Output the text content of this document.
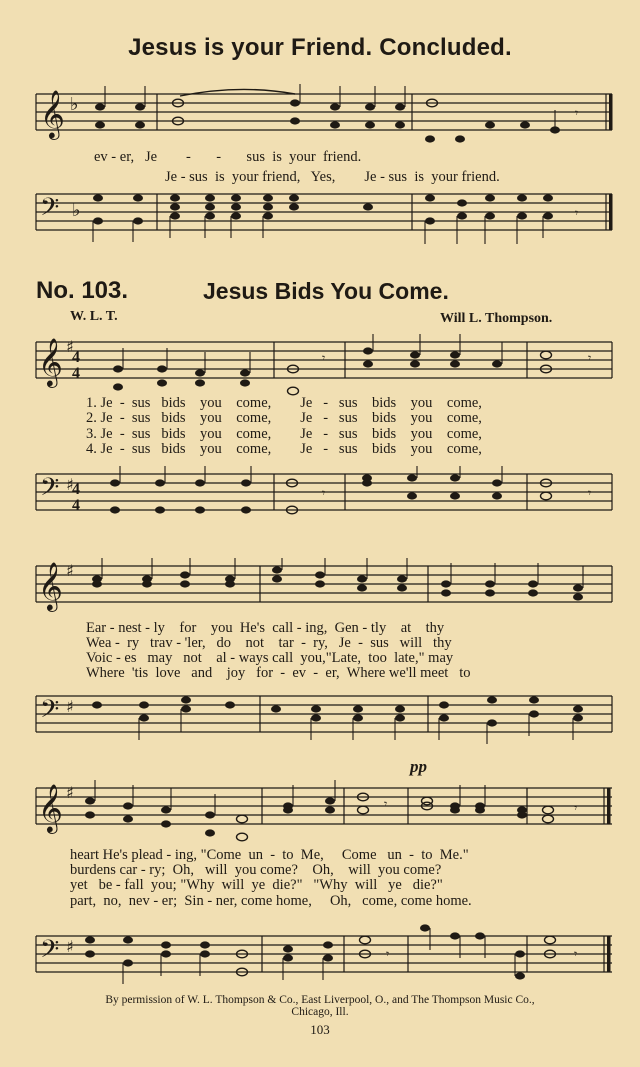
Jesus is your Friend. Concluded.
𝄞 ♭	𝄾
ev - er,   Je        -       -       sus  is  your  friend.
Je - sus  is  your friend,   Yes,        Je - sus  is  your friend.
𝄢 ♭	𝄾
No. 103.	Jesus Bids You Come.
W. L. T.	Will L. Thompson.
𝄞 ♯
4
4
𝄾	𝄾
1. Je  -  sus   bids    you    come,        Je   -   sus    bids    you    come,
2. Je  -  sus   bids    you    come,        Je   -   sus    bids    you    come,
3. Je  -  sus   bids    you    come,        Je   -   sus    bids    you    come,
4. Je  -  sus   bids    you    come,        Je   -   sus    bids    you    come,
𝄢 ♯
4
4
𝄾	𝄾
𝄞 ♯
Ear - nest - ly    for    you  He's  call - ing,  Gen - tly    at    thy
Wea -  ry   trav - 'ler,   do    not    tar  -  ry,   Je  -  sus   will   thy
Voic - es   may   not    al - ways call  you,"Late,  too  late," may
Where  'tis  love   and    joy   for  -  ev  -  er,  Where we'll meet   to
𝄢 ♯
𝄞 ♯
𝄾	𝄾
pp
heart He's plead - ing, "Come  un  -  to  Me,     Come   un  -  to  Me."
burdens car - ry;  Oh,   will  you come?    Oh,    will  you come?
yet   be - fall  you; "Why  will  ye  die?"   "Why  will   ye   die?"
part,  no,  nev - er;  Sin - ner, come home,     Oh,   come, come home.
𝄢 ♯	𝄾	𝄾
By permission of W. L. Thompson & Co., East Liverpool, O., and The Thompson Music Co.,
Chicago, Ill.
103
